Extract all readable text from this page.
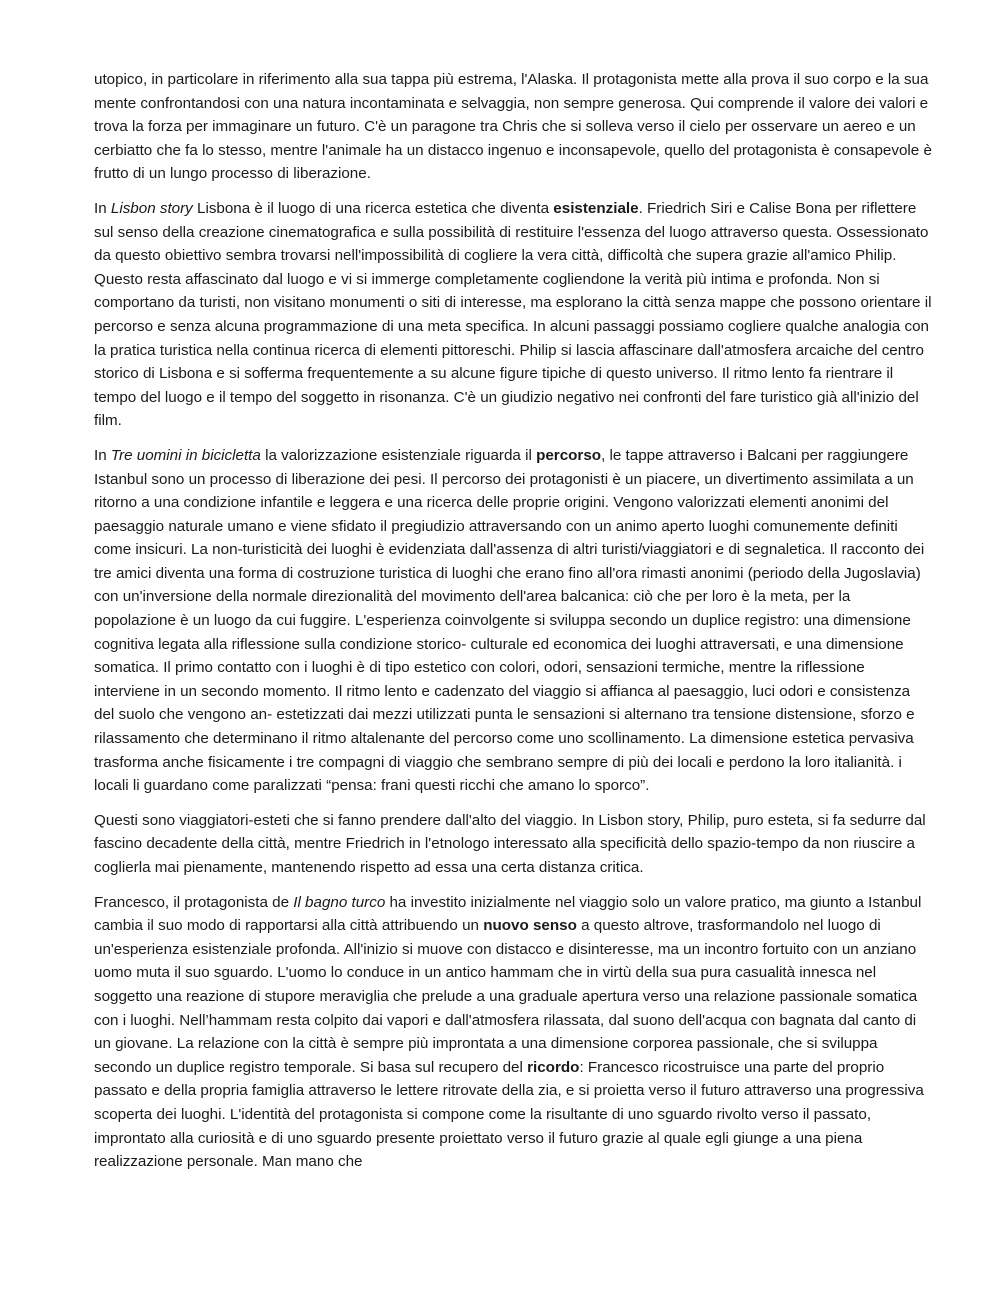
utopico, in particolare in riferimento alla sua tappa più estrema, l'Alaska. Il protagonista mette alla prova il suo corpo e la sua mente confrontandosi con una natura incontaminata e selvaggia, non sempre generosa. Qui comprende il valore dei valori e trova la forza per immaginare un futuro. C'è un paragone tra Chris che si solleva verso il cielo per osservare un aereo e un cerbiatto che fa lo stesso, mentre l'animale ha un distacco ingenuo e inconsapevole, quello del protagonista è consapevole è frutto di un lungo processo di liberazione.

In Lisbon story Lisbona è il luogo di una ricerca estetica che diventa esistenziale. Friedrich Siri e Calise Bona per riflettere sul senso della creazione cinematografica e sulla possibilità di restituire l'essenza del luogo attraverso questa. Ossessionato da questo obiettivo sembra trovarsi nell'impossibilità di cogliere la vera città, difficoltà che supera grazie all'amico Philip. Questo resta affascinato dal luogo e vi si immerge completamente cogliendone la verità più intima e profonda. Non si comportano da turisti, non visitano monumenti o siti di interesse, ma esplorano la città senza mappe che possono orientare il percorso e senza alcuna programmazione di una meta specifica. In alcuni passaggi possiamo cogliere qualche analogia con la pratica turistica nella continua ricerca di elementi pittoreschi. Philip si lascia affascinare dall'atmosfera arcaiche del centro storico di Lisbona e si sofferma frequentemente a su alcune figure tipiche di questo universo. Il ritmo lento fa rientrare il tempo del luogo e il tempo del soggetto in risonanza. C'è un giudizio negativo nei confronti del fare turistico già all'inizio del film.

In Tre uomini in bicicletta la valorizzazione esistenziale riguarda il percorso, le tappe attraverso i Balcani per raggiungere Istanbul sono un processo di liberazione dei pesi. Il percorso dei protagonisti è un piacere, un divertimento assimilata a un ritorno a una condizione infantile e leggera e una ricerca delle proprie origini. Vengono valorizzati elementi anonimi del paesaggio naturale umano e viene sfidato il pregiudizio attraversando con un animo aperto luoghi comunemente definiti come insicuri. La non-turisticità dei luoghi è evidenziata dall'assenza di altri turisti/viaggiatori e di segnaletica. Il racconto dei tre amici diventa una forma di costruzione turistica di luoghi che erano fino all'ora rimasti anonimi (periodo della Jugoslavia) con un'inversione della normale direzionalità del movimento dell'area balcanica: ciò che per loro è la meta, per la popolazione è un luogo da cui fuggire. L'esperienza coinvolgente si sviluppa secondo un duplice registro: una dimensione cognitiva legata alla riflessione sulla condizione storico- culturale ed economica dei luoghi attraversati, e una dimensione somatica. Il primo contatto con i luoghi è di tipo estetico con colori, odori, sensazioni termiche, mentre la riflessione interviene in un secondo momento. Il ritmo lento e cadenzato del viaggio si affianca al paesaggio, luci odori e consistenza del suolo che vengono an- estetizzati dai mezzi utilizzati punta le sensazioni si alternano tra tensione distensione, sforzo e rilassamento che determinano il ritmo altalenante del percorso come uno scollinamento. La dimensione estetica pervasiva trasforma anche fisicamente i tre compagni di viaggio che sembrano sempre di più dei locali e perdono la loro italianità. i locali li guardano come paralizzati “pensa: frani questi ricchi che amano lo sporco”.

Questi sono viaggiatori-esteti che si fanno prendere dall'alto del viaggio. In Lisbon story, Philip, puro esteta, si fa sedurre dal fascino decadente della città, mentre Friedrich in l'etnologo interessato alla specificità dello spazio-tempo da non riuscire a coglierla mai pienamente, mantenendo rispetto ad essa una certa distanza critica.

Francesco, il protagonista de Il bagno turco ha investito inizialmente nel viaggio solo un valore pratico, ma giunto a Istanbul cambia il suo modo di rapportarsi alla città attribuendo un nuovo senso a questo altrove, trasformandolo nel luogo di un'esperienza esistenziale profonda. All'inizio si muove con distacco e disinteresse, ma un incontro fortuito con un anziano uomo muta il suo sguardo. L'uomo lo conduce in un antico hammam che in virtù della sua pura casualità innesca nel soggetto una reazione di stupore meraviglia che prelude a una graduale apertura verso una relazione passionale somatica con i luoghi. Nell’hammam resta colpito dai vapori e dall'atmosfera rilassata, dal suono dell'acqua con bagnata dal canto di un giovane. La relazione con la città è sempre più improntata a una dimensione corporea passionale, che si sviluppa secondo un duplice registro temporale. Si basa sul recupero del ricordo: Francesco ricostruisce una parte del proprio passato e della propria famiglia attraverso le lettere ritrovate della zia, e si proietta verso il futuro attraverso una progressiva scoperta dei luoghi. L'identità del protagonista si compone come la risultante di uno sguardo rivolto verso il passato, improntato alla curiosità e di uno sguardo presente proiettato verso il futuro grazie al quale egli giunge a una piena realizzazione personale. Man mano che
